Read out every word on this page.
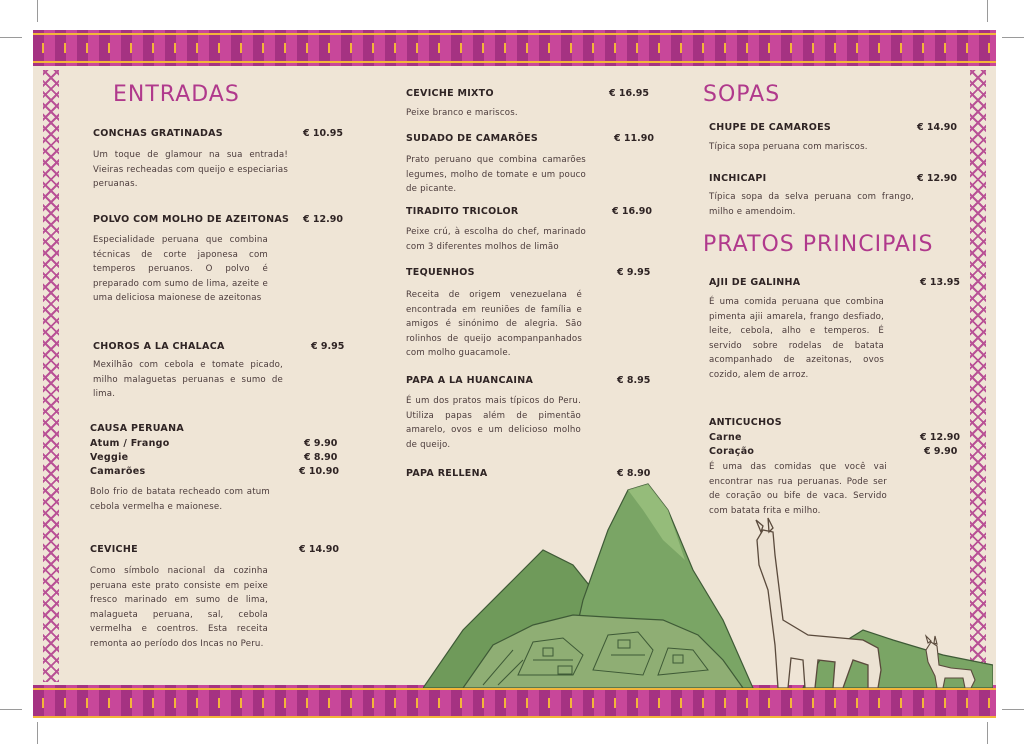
ENTRADAS
CONCHAS GRATINADAS	€ 10.95
Um toque de glamour na sua entrada! Vieiras recheadas com queijo e especiarias peruanas.
POLVO COM MOLHO DE AZEITONAS € 12.90
Especialidade peruana que combina técnicas de corte japonesa com temperos peruanos. O polvo é preparado com sumo de lima, azeite e uma deliciosa maionese de azeitonas
CHOROS A LA CHALACA	€ 9.95
Mexilhão com cebola e tomate picado, milho malaguetas peruanas e sumo de lima.
CAUSA PERUANA
Atum / Frango	€ 9.90
Veggie	€ 8.90
Camarões	€ 10.90
Bolo frio de batata recheado com atum cebola vermelha e maionese.
CEVICHE	€ 14.90
Como símbolo nacional da cozinha peruana este prato consiste em peixe fresco marinado em sumo de lima, malagueta peruana, sal, cebola vermelha e coentros. Esta receita remonta ao período dos Incas no Peru.
CEVICHE MIXTO	€ 16.95
Peixe branco e mariscos.
SUDADO DE CAMARÕES	€ 11.90
Prato peruano que combina camarões legumes, molho de tomate e um pouco de picante.
TIRADITO TRICOLOR	€ 16.90
Peixe crú, à escolha do chef, marinado com 3 diferentes molhos de limão
TEQUENHOS	€ 9.95
Receita de origem venezuelana é encontrada em reuniões de família e amigos é sinónimo de alegria. São rolinhos de queijo acompanpanhados com molho guacamole.
PAPA A LA HUANCAINA	€ 8.95
É um dos pratos mais típicos do Peru. Utiliza papas além de pimentão amarelo, ovos e um delicioso molho de queijo.
PAPA RELLENA	€ 8.90
SOPAS
CHUPE DE CAMAROES	€ 14.90
Típica sopa peruana com mariscos.
INCHICAPI	€ 12.90
Típica sopa da selva peruana com frango, milho e amendoim.
PRATOS PRINCIPAIS
AJII DE GALINHA	€ 13.95
É uma comida peruana que combina pimenta ajii amarela, frango desfiado, leite, cebola, alho e temperos. É servido sobre rodelas de batata acompanhado de azeitonas, ovos cozido, alem de arroz.
ANTICUCHOS
Carne	€ 12.90
Coração	€ 9.90
É uma das comidas que você vai encontrar nas rua peruanas. Pode ser de coração ou bife de vaca. Servido com batata frita e milho.
